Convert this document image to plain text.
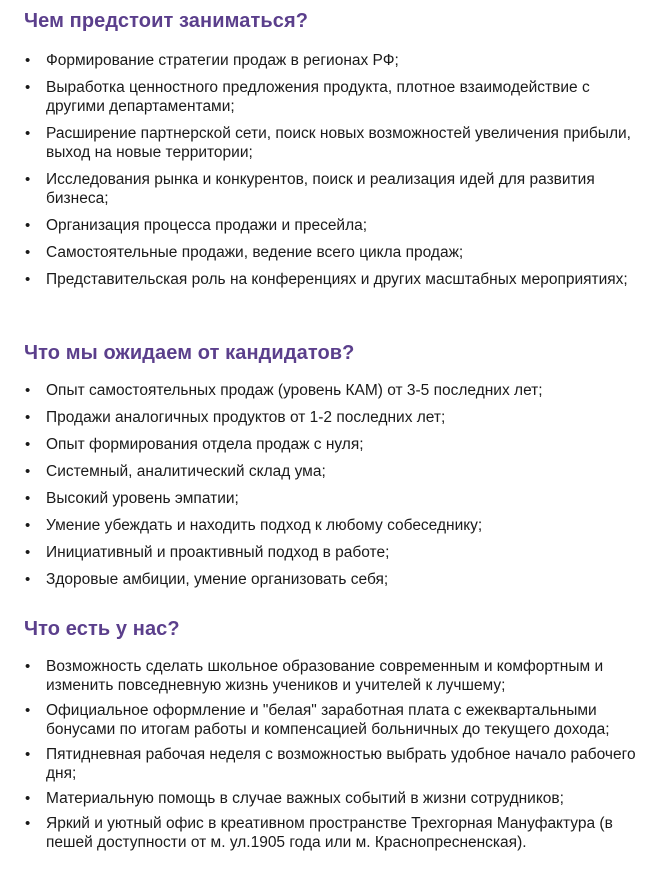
Чем предстоит заниматься?
• Формирование стратегии продаж в регионах РФ;
• Выработка ценностного предложения продукта, плотное взаимодействие с другими департаментами;
• Расширение партнерской сети, поиск новых возможностей увеличения прибыли, выход на новые территории;
• Исследования рынка и конкурентов, поиск и реализация идей для развития бизнеса;
• Организация процесса продажи и пресейла;
• Самостоятельные продажи, ведение всего цикла продаж;
• Представительская роль на конференциях и других масштабных мероприятиях;
Что мы ожидаем от кандидатов?
• Опыт самостоятельных продаж (уровень КАМ) от 3-5 последних лет;
• Продажи аналогичных продуктов от 1-2 последних лет;
• Опыт формирования отдела продаж с нуля;
• Системный, аналитический склад ума;
• Высокий уровень эмпатии;
• Умение убеждать и находить подход к любому собеседнику;
• Инициативный и проактивный подход в работе;
• Здоровые амбиции, умение организовать себя;
Что есть у нас?
• Возможность сделать школьное образование современным и комфортным и изменить повседневную жизнь учеников и учителей к лучшему;
• Официальное оформление и "белая" заработная плата с ежеквартальными бонусами по итогам работы и компенсацией больничных до текущего дохода;
• Пятидневная рабочая неделя с возможностью выбрать удобное начало рабочего дня;
• Материальную помощь в случае важных событий в жизни сотрудников;
• Яркий и уютный офис в креативном пространстве Трехгорная Мануфактура (в пешей доступности от м. ул.1905 года или м. Краснопресненская).
